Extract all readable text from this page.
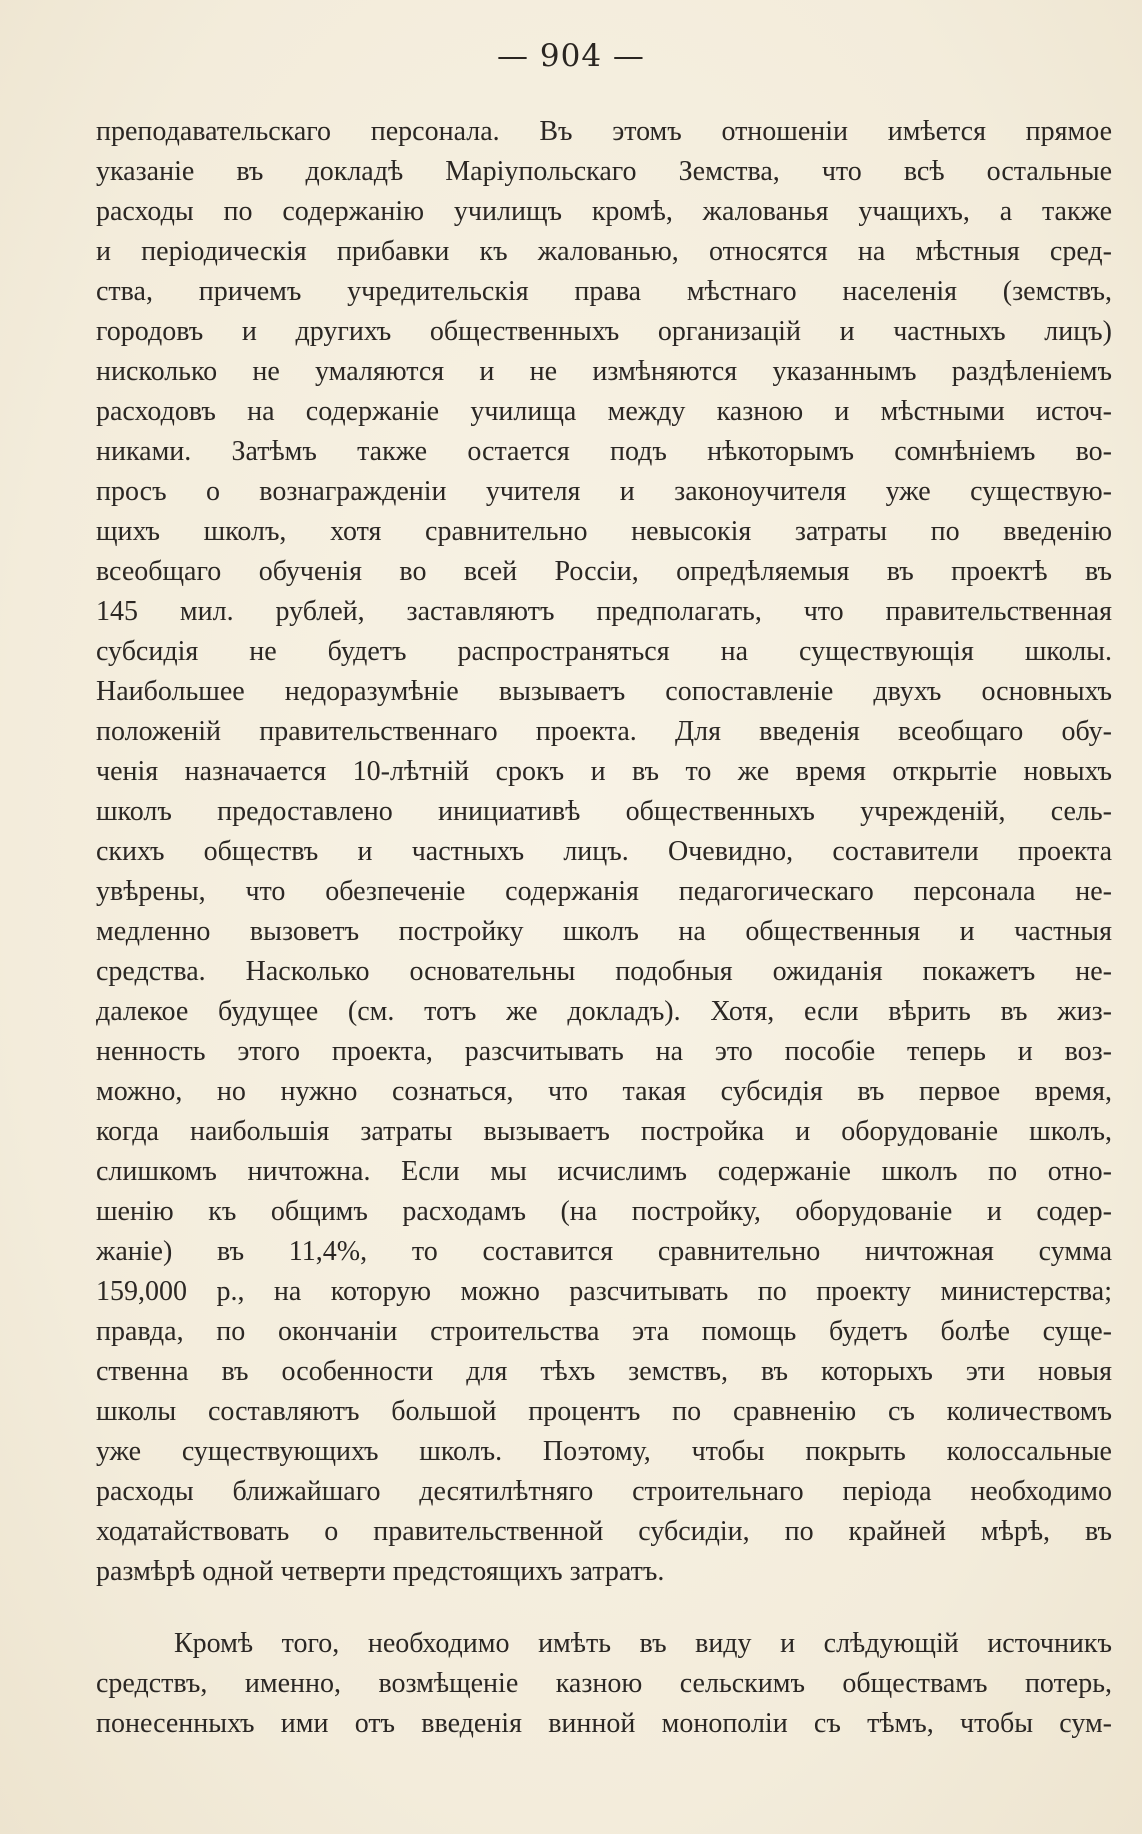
— 904 —
преподавательскаго персонала. Въ этомъ отношеніи имѣется прямое
указаніе въ докладѣ Маріупольскаго Земства, что всѣ остальные
расходы по содержанію училищъ кромѣ, жалованья учащихъ, а также
и періодическія прибавки къ жалованью, относятся на мѣстныя сред-
ства, причемъ учредительскія права мѣстнаго населенія (земствъ,
городовъ и другихъ общественныхъ организацій и частныхъ лицъ)
нисколько не умаляются и не измѣняются указаннымъ раздѣленіемъ
расходовъ на содержаніе училища между казною и мѣстными источ-
никами. Затѣмъ также остается подъ нѣкоторымъ сомнѣніемъ во-
просъ о вознагражденіи учителя и законоучителя уже существую-
щихъ школъ, хотя сравнительно невысокія затраты по введенію
всеобщаго обученія во всей Россіи, опредѣляемыя въ проектѣ въ
145 мил. рублей, заставляютъ предполагать, что правительственная
субсидія не будетъ распространяться на существующія школы.
Наибольшее недоразумѣніе вызываетъ сопоставленіе двухъ основныхъ
положеній правительственнаго проекта. Для введенія всеобщаго обу-
ченія назначается 10-лѣтній срокъ и въ то же время открытіе новыхъ
школъ предоставлено инициативѣ общественныхъ учрежденій, сель-
скихъ обществъ и частныхъ лицъ. Очевидно, составители проекта
увѣрены, что обезпеченіе содержанія педагогическаго персонала не-
медленно вызоветъ постройку школъ на общественныя и частныя
средства. Насколько основательны подобныя ожиданія покажетъ не-
далекое будущее (см. тотъ же докладъ). Хотя, если вѣрить въ жиз-
ненность этого проекта, разсчитывать на это пособіе теперь и воз-
можно, но нужно сознаться, что такая субсидія въ первое время,
когда наибольшія затраты вызываетъ постройка и оборудованіе школъ,
слишкомъ ничтожна. Если мы исчислимъ содержаніе школъ по отно-
шенію къ общимъ расходамъ (на постройку, оборудованіе и содер-
жаніе) въ 11,4%, то составится сравнительно ничтожная сумма
159,000 р., на которую можно разсчитывать по проекту министерства;
правда, по окончаніи строительства эта помощь будетъ болѣе суще-
ственна въ особенности для тѣхъ земствъ, въ которыхъ эти новыя
школы составляютъ большой процентъ по сравненію съ количествомъ
уже существующихъ школъ. Поэтому, чтобы покрыть колоссальные
расходы ближайшаго десятилѣтняго строительнаго періода необходимо
ходатайствовать о правительственной субсидіи, по крайней мѣрѣ, въ
размѣрѣ одной четверти предстоящихъ затратъ.
Кромѣ того, необходимо имѣть въ виду и слѣдующій источникъ
средствъ, именно, возмѣщеніе казною сельскимъ обществамъ потерь,
понесенныхъ ими отъ введенія винной монополіи съ тѣмъ, чтобы сум-
